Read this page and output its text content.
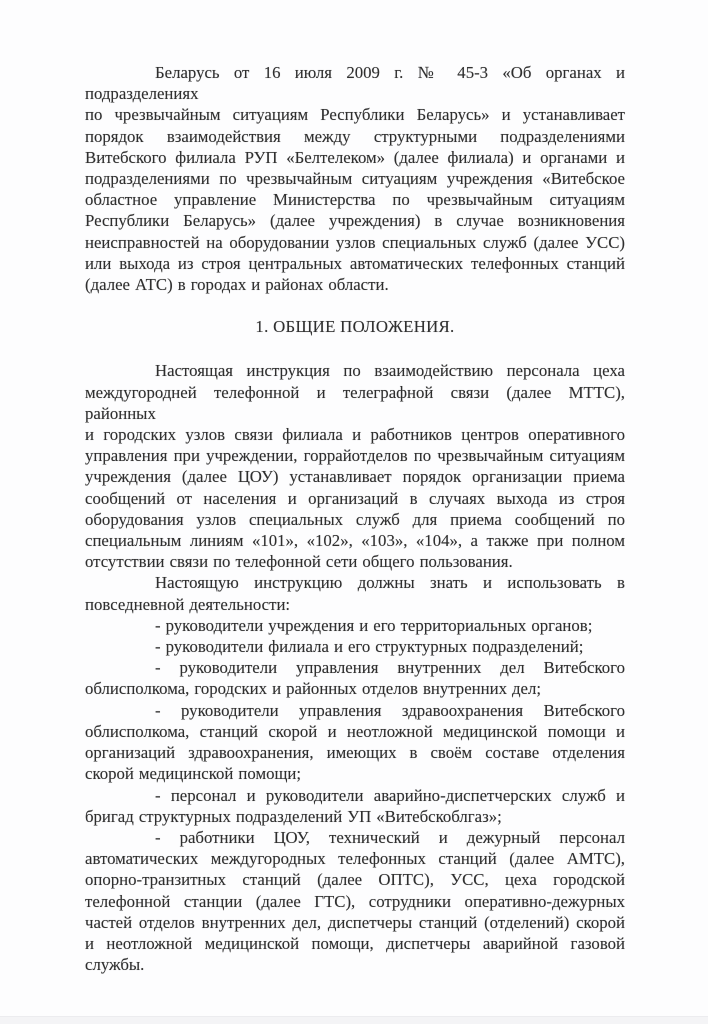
Беларусь от 16 июля 2009 г. № 45-3 «Об органах и подразделениях
по чрезвычайным ситуациям Республики Беларусь» и устанавливает
порядок взаимодействия между структурными подразделениями
Витебского филиала РУП «Белтелеком» (далее филиала) и органами и
подразделениями по чрезвычайным ситуациям учреждения «Витебское
областное управление Министерства по чрезвычайным ситуациям
Республики Беларусь» (далее учреждения) в случае возникновения
неисправностей на оборудовании узлов специальных служб (далее УСС)
или выхода из строя центральных автоматических телефонных станций
(далее АТС) в городах и районах области.
1. ОБЩИЕ ПОЛОЖЕНИЯ.
Настоящая инструкция по взаимодействию персонала цеха
междугородней телефонной и телеграфной связи (далее МТТС), районных
и городских узлов связи филиала и работников центров оперативного
управления при учреждении, горрайотделов по чрезвычайным ситуациям
учреждения (далее ЦОУ) устанавливает порядок организации приема
сообщений от населения и организаций в случаях выхода из строя
оборудования узлов специальных служб для приема сообщений по
специальным линиям «101», «102», «103», «104», а также при полном
отсутствии связи по телефонной сети общего пользования.
Настоящую инструкцию должны знать и использовать в
повседневной деятельности:
- руководители учреждения и его территориальных органов;
- руководители филиала и его структурных подразделений;
- руководители управления внутренних дел Витебского
облисполкома, городских и районных отделов внутренних дел;
- руководители управления здравоохранения Витебского
облисполкома, станций скорой и неотложной медицинской помощи и
организаций здравоохранения, имеющих в своём составе отделения
скорой медицинской помощи;
- персонал и руководители аварийно-диспетчерских служб и
бригад структурных подразделений УП «Витебскоблгаз»;
- работники ЦОУ, технический и дежурный персонал
автоматических междугородных телефонных станций (далее АМТС),
опорно-транзитных станций (далее ОПТС), УСС, цеха городской
телефонной станции (далее ГТС), сотрудники оперативно-дежурных
частей отделов внутренних дел, диспетчеры станций (отделений) скорой
и неотложной медицинской помощи, диспетчеры аварийной газовой
службы.
